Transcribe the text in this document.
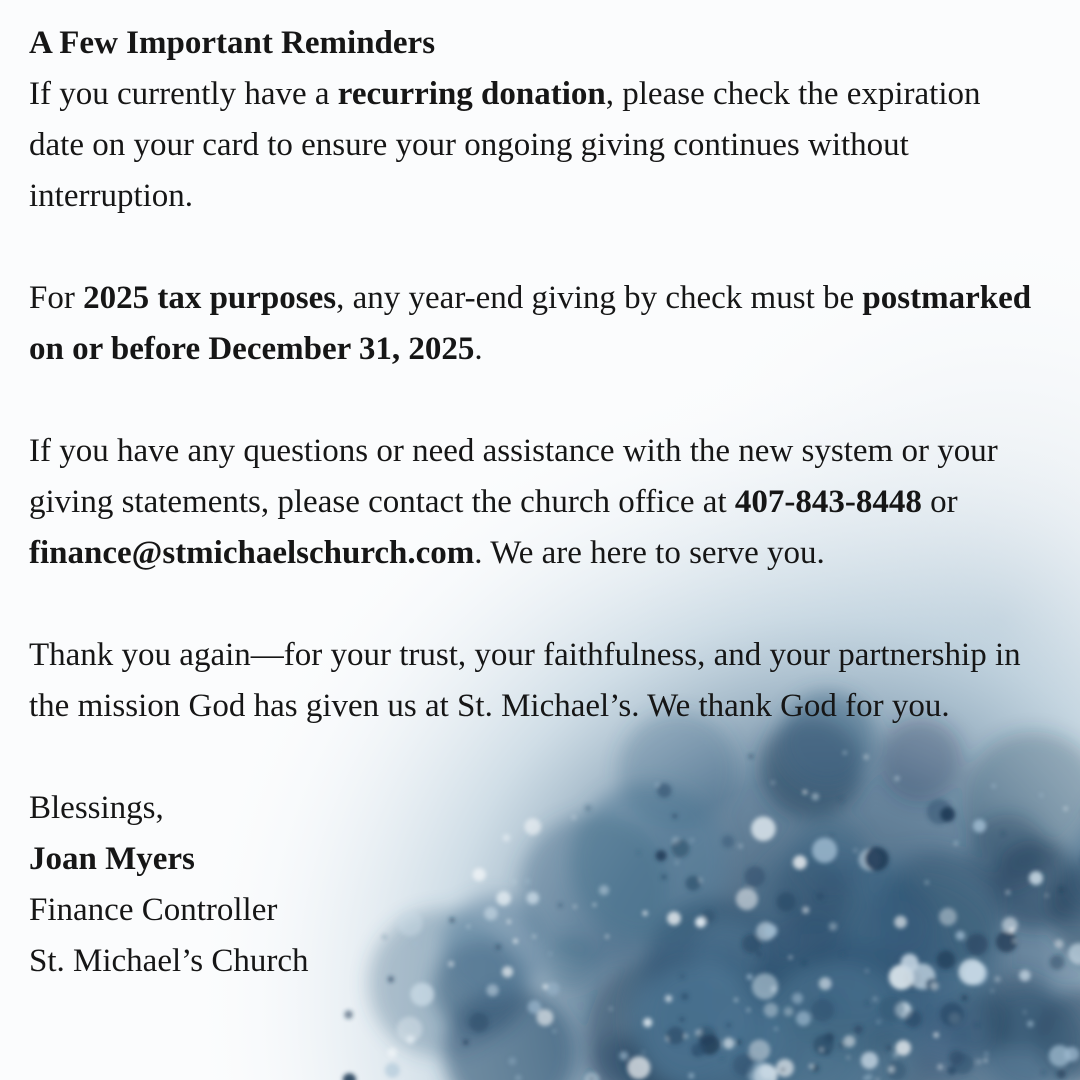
A Few Important Reminders

If you currently have a recurring donation, please check the expiration date on your card to ensure your ongoing giving continues without interruption.

For 2025 tax purposes, any year-end giving by check must be postmarked on or before December 31, 2025.

If you have any questions or need assistance with the new system or your giving statements, please contact the church office at 407-843-8448 or finance@stmichaelschurch.com. We are here to serve you.

Thank you again—for your trust, your faithfulness, and your partnership in the mission God has given us at St. Michael’s. We thank God for you.

Blessings,

Joan Myers

Finance Controller

St. Michael’s Church
